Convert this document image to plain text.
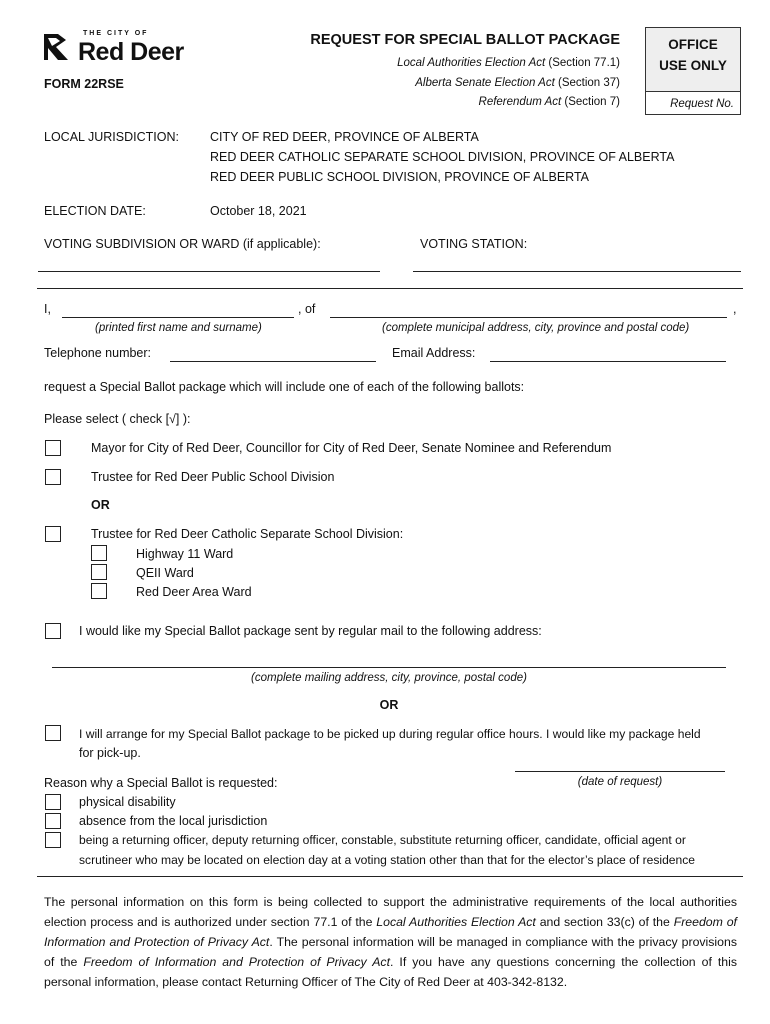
THE CITY OF
Red Deer
FORM 22RSE
REQUEST FOR SPECIAL BALLOT PACKAGE
Local Authorities Election Act (Section 77.1)
Alberta Senate Election Act (Section 37)
Referendum Act (Section 7)
OFFICE
USE ONLY
Request No.
LOCAL JURISDICTION: CITY OF RED DEER, PROVINCE OF ALBERTA
RED DEER CATHOLIC SEPARATE SCHOOL DIVISION, PROVINCE OF ALBERTA
RED DEER PUBLIC SCHOOL DIVISION, PROVINCE OF ALBERTA
ELECTION DATE:	October 18, 2021
VOTING SUBDIVISION OR WARD (if applicable):	VOTING STATION:
I,	, of	,
(printed first name and surname)	(complete municipal address, city, province and postal code)
Telephone number:	Email Address:
request a Special Ballot package which will include one of each of the following ballots:
Please select ( check [√] ):
Mayor for City of Red Deer, Councillor for City of Red Deer, Senate Nominee and Referendum
Trustee for Red Deer Public School Division
OR
Trustee for Red Deer Catholic Separate School Division:
Highway 11 Ward
QEII Ward
Red Deer Area Ward
I would like my Special Ballot package sent by regular mail to the following address:
(complete mailing address, city, province, postal code)
OR
I will arrange for my Special Ballot package to be picked up during regular office hours. I would like my package held
for pick-up.
Reason why a Special Ballot is requested:	(date of request)
physical disability
absence from the local jurisdiction
being a returning officer, deputy returning officer, constable, substitute returning officer, candidate, official agent or
scrutineer who may be located on election day at a voting station other than that for the elector’s place of residence
The personal information on this form is being collected to support the administrative requirements of the local authorities election process and is authorized under section 77.1 of the Local Authorities Election Act and section 33(c) of the Freedom of Information and Protection of Privacy Act. The personal information will be managed in compliance with the privacy provisions of the Freedom of Information and Protection of Privacy Act. If you have any questions concerning the collection of this personal information, please contact Returning Officer of The City of Red Deer at 403-342-8132.
